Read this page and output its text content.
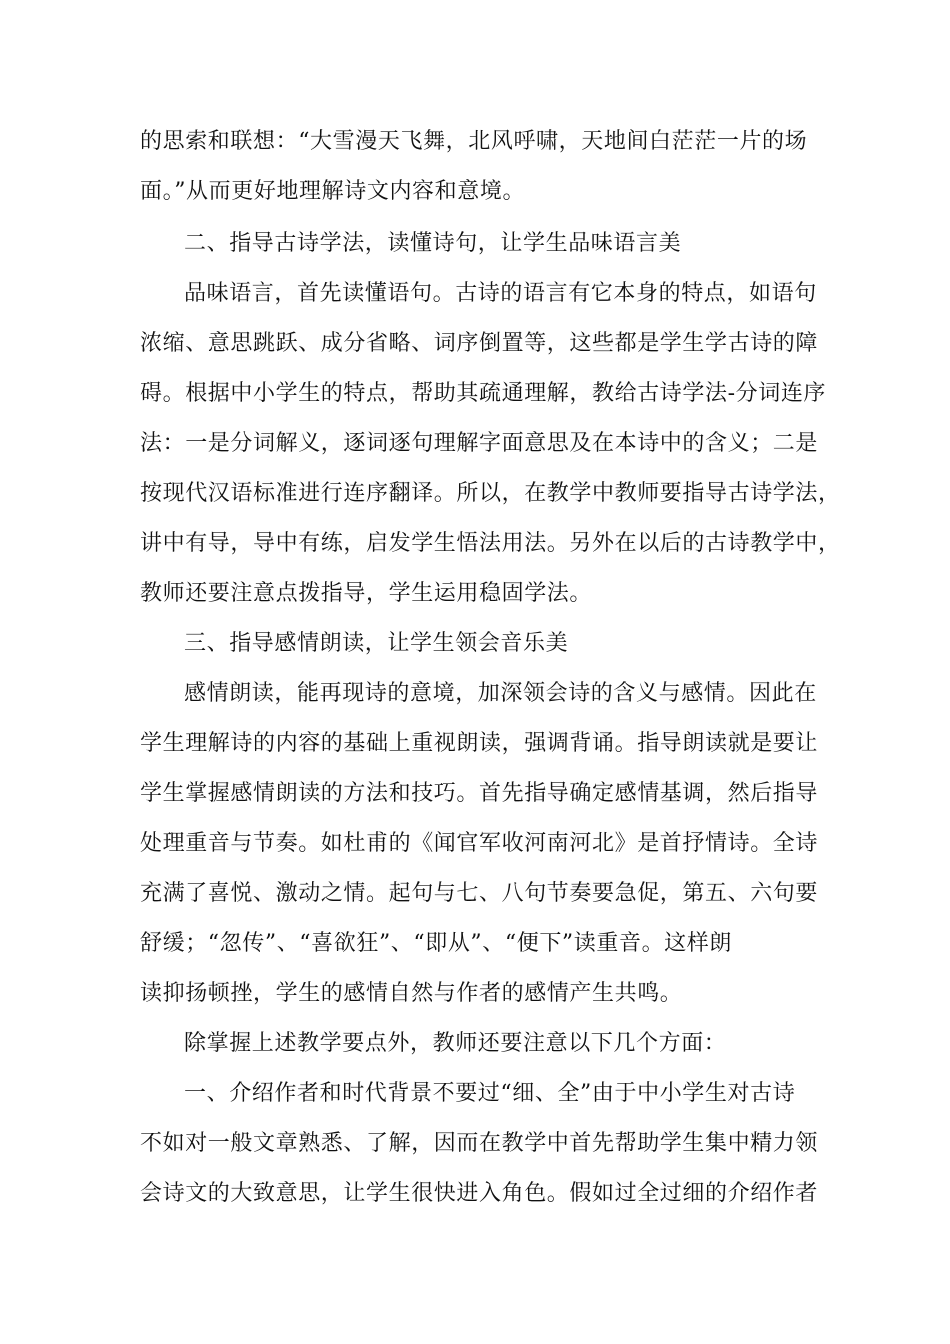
的思索和联想：“大雪漫天飞舞，北风呼啸，天地间白茫茫一片的场
面。”从而更好地理解诗文内容和意境。
二、指导古诗学法，读懂诗句，让学生品味语言美
品味语言，首先读懂语句。古诗的语言有它本身的特点，如语句
浓缩、意思跳跃、成分省略、词序倒置等，这些都是学生学古诗的障
碍。根据中小学生的特点，帮助其疏通理解，教给古诗学法-分词连序
法：一是分词解义，逐词逐句理解字面意思及在本诗中的含义；二是
按现代汉语标准进行连序翻译。所以，在教学中教师要指导古诗学法，
讲中有导，导中有练，启发学生悟法用法。另外在以后的古诗教学中，
教师还要注意点拨指导，学生运用稳固学法。
三、指导感情朗读，让学生领会音乐美
感情朗读，能再现诗的意境，加深领会诗的含义与感情。因此在
学生理解诗的内容的基础上重视朗读，强调背诵。指导朗读就是要让
学生掌握感情朗读的方法和技巧。首先指导确定感情基调，然后指导
处理重音与节奏。如杜甫的《闻官军收河南河北》是首抒情诗。全诗
充满了喜悦、激动之情。起句与七、八句节奏要急促，第五、六句要
舒缓；“忽传”、“喜欲狂”、“即从”、“便下”读重音。这样朗
读抑扬顿挫，学生的感情自然与作者的感情产生共鸣。
除掌握上述教学要点外，教师还要注意以下几个方面：
一、介绍作者和时代背景不要过“细、全”由于中小学生对古诗
不如对一般文章熟悉、了解，因而在教学中首先帮助学生集中精力领
会诗文的大致意思，让学生很快进入角色。假如过全过细的介绍作者
